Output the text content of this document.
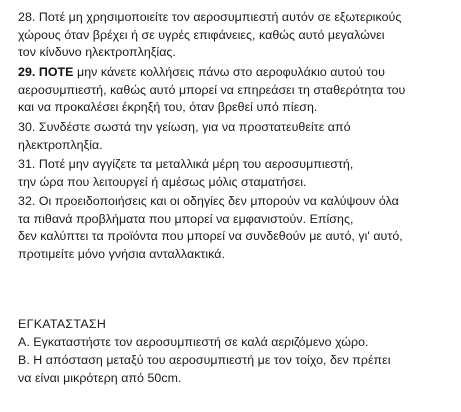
28. Ποτέ μη χρησιμοποιείτε τον αεροσυμπιεστή αυτόν σε εξωτερικούς
χώρους όταν βρέχει ή σε υγρές επιφάνειες, καθώς αυτό μεγαλώνει
τον κίνδυνο ηλεκτροπληξίας.
29. ΠΟΤΕ μην κάνετε κολλήσεις πάνω στο αεροφυλάκιο αυτού του
αεροσυμπιεστή, καθώς αυτό μπορεί να επηρεάσει τη σταθερότητα του
και να προκαλέσει έκρηξή του, όταν βρεθεί υπό πίεση.
30. Συνδέστε σωστά την γείωση, για να προστατευθείτε από
ηλεκτροπληξία.
31. Ποτέ μην αγγίζετε τα μεταλλικά μέρη του αεροσυμπιεστή,
την ώρα που λειτουργεί ή αμέσως μόλις σταματήσει.
32. Οι προειδοποιήσεις και οι οδηγίες δεν μπορούν να καλύψουν όλα
τα πιθανά προβλήματα που μπορεί να εμφανιστούν. Επίσης,
δεν καλύπτει τα προϊόντα που μπορεί να συνδεθούν με αυτό, γι' αυτό,
προτιμείτε μόνο γνήσια ανταλλακτικά.
ΕΓΚΑΤΑΣΤΑΣΗ
Α. Εγκαταστήστε τον αεροσυμπιεστή σε καλά αεριζόμενο χώρο.
Β. Η απόσταση μεταξύ του αεροσυμπιεστή με τον τοίχο, δεν πρέπει
να είναι μικρότερη από 50cm.
